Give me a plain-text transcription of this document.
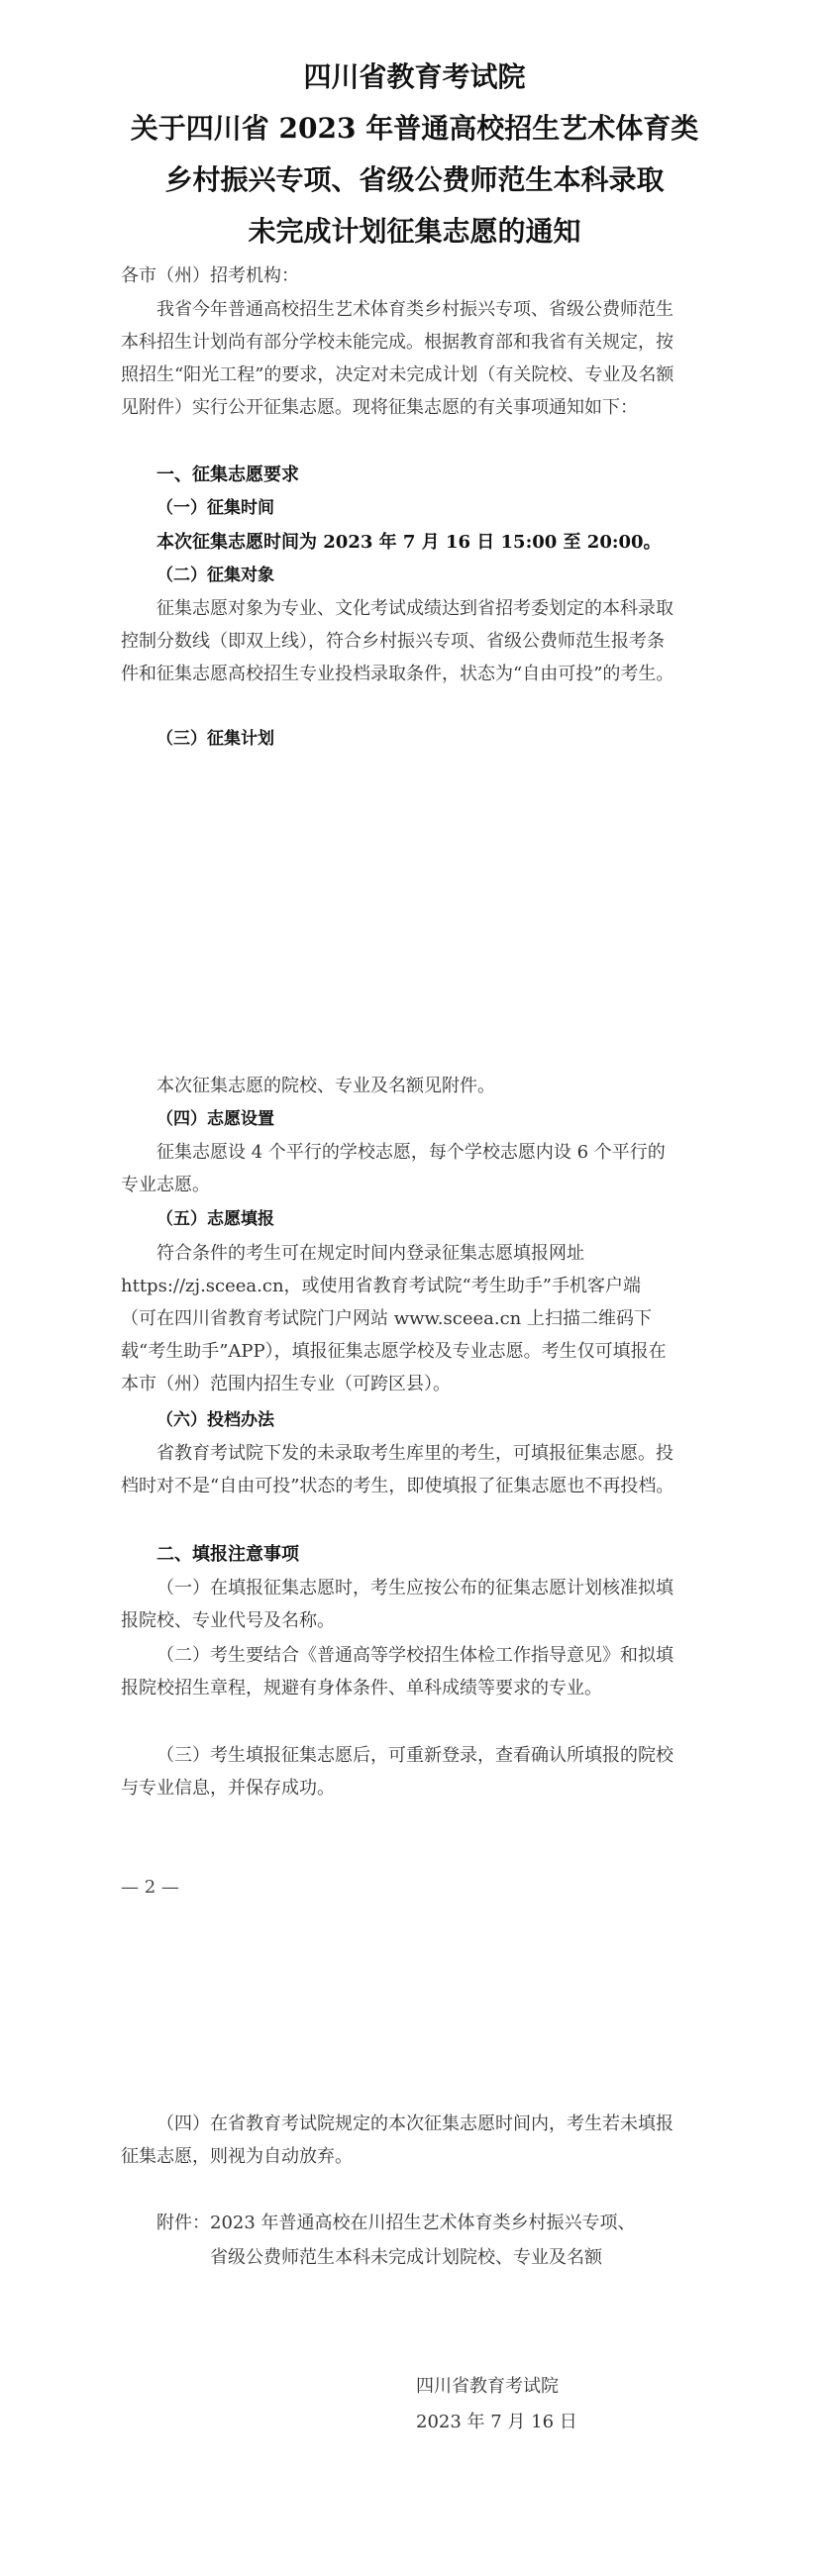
四川省教育考试院
关于四川省 2023 年普通高校招生艺术体育类
乡村振兴专项、省级公费师范生本科录取
未完成计划征集志愿的通知

各市（州）招考机构：

我省今年普通高校招生艺术体育类乡村振兴专项、省级公费师范生本科招生计划尚有部分学校未能完成。根据教育部和我省有关规定，按照招生“阳光工程”的要求，决定对未完成计划（有关院校、专业及名额见附件）实行公开征集志愿。现将征集志愿的有关事项通知如下：

一、征集志愿要求

（一）征集时间

本次征集志愿时间为 2023 年 7 月 16 日 15:00 至 20:00。

（二）征集对象

征集志愿对象为专业、文化考试成绩达到省招考委划定的本科录取控制分数线（即双上线），符合乡村振兴专项、省级公费师范生报考条件和征集志愿高校招生专业投档录取条件，状态为“自由可投”的考生。

（三）征集计划

本次征集志愿的院校、专业及名额见附件。

（四）志愿设置

征集志愿设 4 个平行的学校志愿，每个学校志愿内设 6 个平行的专业志愿。

（五）志愿填报

符合条件的考生可在规定时间内登录征集志愿填报网址 https://zj.sceea.cn，或使用省教育考试院“考生助手”手机客户端（可在四川省教育考试院门户网站 www.sceea.cn 上扫描二维码下载“考生助手”APP），填报征集志愿学校及专业志愿。考生仅可填报在本市（州）范围内招生专业（可跨区县）。

（六）投档办法

省教育考试院下发的未录取考生库里的考生，可填报征集志愿。投档时对不是“自由可投”状态的考生，即使填报了征集志愿也不再投档。

二、填报注意事项

（一）在填报征集志愿时，考生应按公布的征集志愿计划核准拟填报院校、专业代号及名称。

（二）考生要结合《普通高等学校招生体检工作指导意见》和拟填报院校招生章程，规避有身体条件、单科成绩等要求的专业。

（三）考生填报征集志愿后，可重新登录，查看确认所填报的院校与专业信息，并保存成功。

— 2 —

（四）在省教育考试院规定的本次征集志愿时间内，考生若未填报征集志愿，则视为自动放弃。

附件：2023 年普通高校在川招生艺术体育类乡村振兴专项、
省级公费师范生本科未完成计划院校、专业及名额
四川省教育考试院
2023 年 7 月 16 日
